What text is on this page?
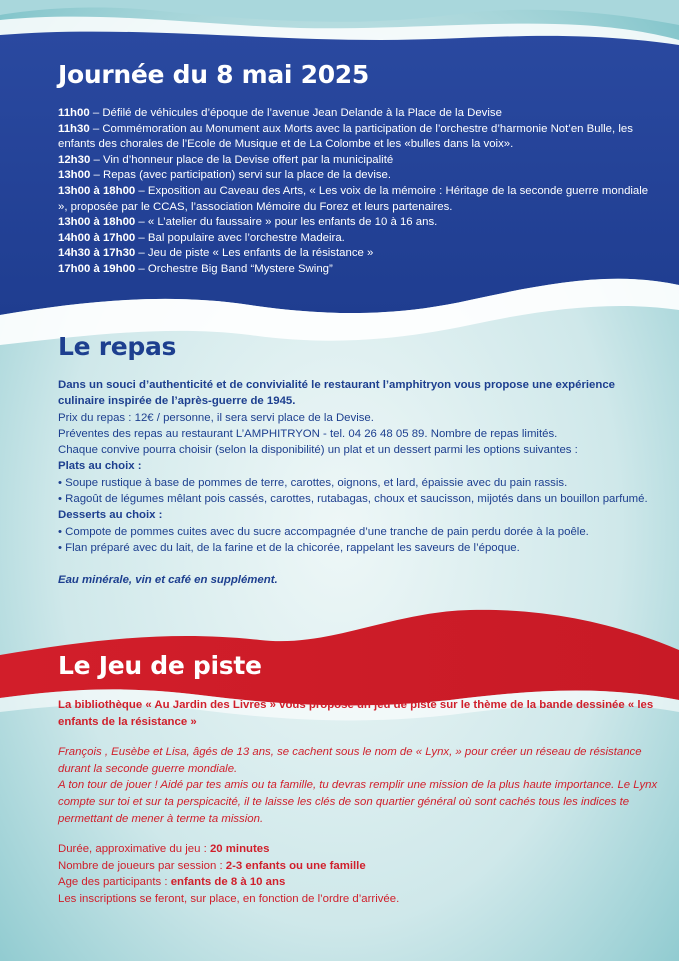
Journée du 8 mai 2025

11h00 – Défilé de véhicules d’époque de l’avenue Jean Delande à la Place de la Devise

11h30 – Commémoration au Monument aux Morts avec la participation de l’orchestre d’harmonie Not’en Bulle, les enfants des chorales de l’Ecole de Musique et de La Colombe et les «bulles dans la voix».

12h30 – Vin d’honneur place de la Devise offert par la municipalité

13h00 – Repas (avec participation) servi sur la place de la devise.

13h00 à 18h00 – Exposition au Caveau des Arts, « Les voix de la mémoire : Héritage de la seconde guerre mondiale », proposée par le CCAS, l’association Mémoire du Forez et leurs partenaires.

13h00 à 18h00 – « L’atelier du faussaire » pour les enfants de 10 à 16 ans.

14h00 à 17h00 – Bal populaire avec l’orchestre Madeira.

14h30 à 17h30 – Jeu de piste « Les enfants de la résistance »

17h00 à 19h00 – Orchestre Big Band “Mystere Swing”

Le repas

Dans un souci d’authenticité et de convivialité le restaurant l’amphitryon vous propose une expérience culinaire inspirée de l’après-guerre de 1945.

Prix du repas : 12€ / personne, il sera servi place de la Devise.

Préventes des repas au restaurant L’AMPHITRYON - tel. 04 26 48 05 89. Nombre de repas limités.

Chaque convive pourra choisir (selon la disponibilité) un plat et un dessert parmi les options suivantes :

Plats au choix :

• Soupe rustique à base de pommes de terre, carottes, oignons, et lard, épaissie avec du pain rassis.

• Ragoût de légumes mêlant pois cassés, carottes, rutabagas, choux et saucisson, mijotés dans un bouillon parfumé.

Desserts au choix :

• Compote de pommes cuites avec du sucre accompagnée d’une tranche de pain perdu dorée à la poêle.

• Flan préparé avec du lait, de la farine et de la chicorée, rappelant les saveurs de l’époque.

Eau minérale, vin et café en supplément.

Le Jeu de piste

La bibliothèque « Au Jardin des Livres » vous propose un jeu de piste sur le thème de la bande dessinée « les enfants de la résistance »

François , Eusèbe et Lisa, âgés de 13 ans, se cachent sous le nom de « Lynx, » pour créer un réseau de résistance durant la seconde guerre mondiale.

A ton tour de jouer ! Aidé par tes amis ou ta famille, tu devras remplir une mission de la plus haute importance. Le Lynx compte sur toi et sur ta perspicacité, il te laisse les clés de son quartier général où sont cachés tous les indices te permettant de mener à terme ta mission.

Durée, approximative du jeu : 20 minutes

Nombre de joueurs par session : 2-3 enfants ou une famille

Age des participants : enfants de 8 à 10 ans

Les inscriptions se feront, sur place, en fonction de l’ordre d’arrivée.
